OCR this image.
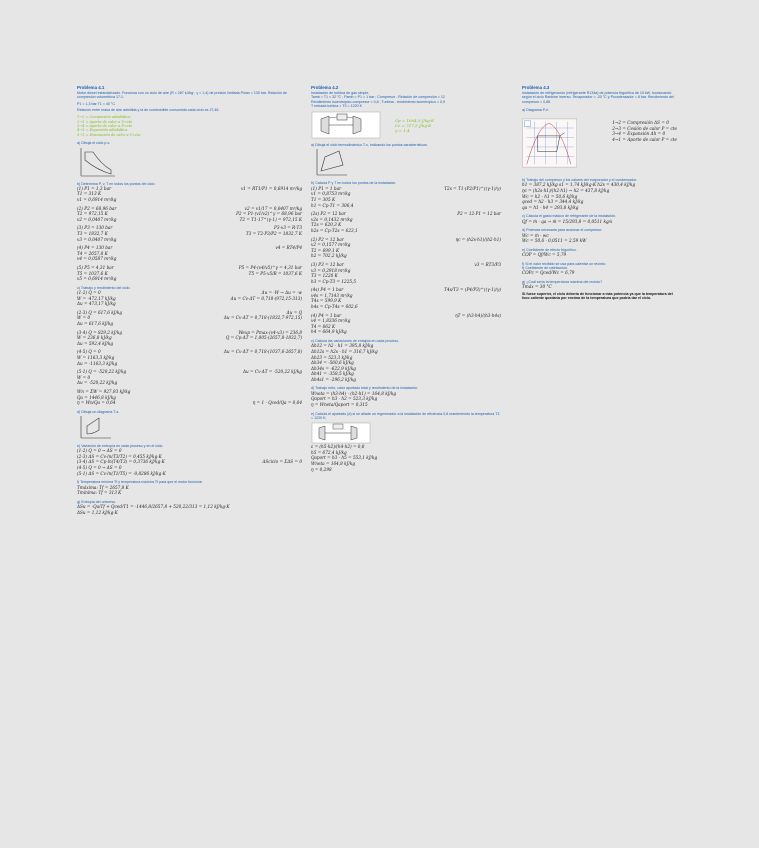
Problema 4.1
Motor diesel estandarizado. Funciona con un ciclo de aire (R = 287 kJ/kg·, γ = 1,4) de presión limitada Pmax = 130 bar. Relación de compresión volumétrica 17:1.
P1 = 1,3 bar T1 = 40 °C
Relación entre masa de aire admitida y la de combustible consumida cada ciclo es 27,45.
1→2 = Compresión adiabática
2→3 = Aporte de calor a V=cte
3→4 = Aporte de calor a P=cte
4→5 = Expansión adiabática
5→1 = Evacuación de calor a V=cte
a) Dibuja el ciclo p-v.
b) Determina P, v, T en todos los puntos del ciclo.
(1) P1 = 1,3 bar	v1 = RT1/P1 = 0,6914 m³/kg
T1 = 313 K
v1 = 0,6914 m³/kg
(2) P2 = 68,96 bar	v2 = v1/17 = 0,0407 m³/kg
T2 = 972,15 K	P2 = P1·(v1/v2)^γ = 68,96 bar
v2 = 0,0407 m³/kg	T2 = T1·17^(γ-1) = 972,15 K
(3) P3 = 130 bar	P3·v3 = R·T3
T3 = 1832,7 K	T3 = T2·P3/P2 = 1832,7 K
v3 = 0,0407 m³/kg
(4) P4 = 130 bar	v4 = RT4/P4
T4 = 2657,8 K
v4 = 0,0587 m³/kg
(5) P5 = 4,31 bar	P5 = P4·(v4/v5)^γ = 4,31 bar
T5 = 1037,6 K	T5 = P5·v5/R = 1037,6 K
v5 = 0,6914 m³/kg
c) Trabajo y rendimiento del ciclo.
(1-2) Q = 0	Δu = -W → Δu = -w
W = -472,17 kJ/kg	Δu = Cv·ΔT = 0,718·(972,15-313)
Δu = 473,17 kJ/kg
(2-3) Q = 617,6 kJ/kg	Δu = Q
W = 0	Δu = Cv·ΔT = 0,718·(1832,7-972,15)
Δu = 617,6 kJ/kg
(3-4) Q = 829,2 kJ/kg	Wexp = Pmax·(v4-v3) = 236,8
W = 236,8 kJ/kg	Q = Cp·ΔT = 1,005·(2657,8-1832,7)
Δu = 592,4 kJ/kg
(4-5) Q = 0	Δu = Cv·ΔT = 0,718·(1037,6-2657,8)
W = 1163,3 kJ/kg
Δu = -1163,3 kJ/kg
(5-1) Q = -520,22 kJ/kg	Δu = Cv·ΔT = -520,22 kJ/kg
W = 0
Δu = -520,22 kJ/kg
Wn = ΣW = 927,93 kJ/kg
Qa = 1446,8 kJ/kg
η = Wn/Qa = 0,64	η = 1 - Qced/Qa = 0,64
d) Dibuja un diagrama T-s.
e) Variación de entropía en cada proceso y en el ciclo.
(1-2) Q = 0 → ΔS = 0
(2-3) ΔS = Cv·ln(T3/T2) = 0,455 kJ/kg·K
(3-4) ΔS = Cp·ln(T4/T3) = 0,3736 kJ/kg·K	ΔSciclo = ΣΔS = 0
(4-5) Q = 0 → ΔS = 0
(5-1) ΔS = Cv·ln(T1/T5) = -0,8286 kJ/kg·K
f) Temperatura mínima Tf y temperatura máxima Tf para que el motor funcione.
Tmáxima: Tf = 2657,8 K
Tmínima: Tf = 313 K
g) Entropía del universo.
ΔSu = -Qa/Tf + Qced/T1 = -1446,8/2657,8 + 520,22/313 = 1,12 kJ/kg·K
ΔSu = 1,12 kJ/kg·K
Problema 4.2
Instalación de turbina de gas simple.
Tamb = T1 = 32 °C ; Pamb = P1 = 1 bar ; Compresor - Relación de compresión = 12
Rendimiento isoentrópico compresor = 0,8 ; Turbina - rendimiento isoentrópico = 0,9
T entrada turbina = T3 = 1220 K
Cp = 1004,5 J/kg·K
Cv = 717,5 J/kg·K
γ = 1,4
a) Dibuja el ciclo termodinámico T-s, indicando los puntos característicos.
b) Calcula P y T en todos los puntos de la instalación.
(1) P1 = 1 bar	T2s = T1·(P2/P1)^((γ-1)/γ)
v1 = 0,8753 m³/kg
T1 = 305 K
h1 = Cp·T1 = 306,4
(2s) P2 = 12 bar	P2 = 12·P1 = 12 bar
v2s = 0,1432 m³/kg
T2s = 620,3 K
h2s = Cp·T2s = 623,1
(2) P2 = 12 bar	ηc = (h2s-h1)/(h2-h1)
v2 = 0,1577 m³/kg
T2 = 699,1 K
h2 = 702,2 kJ/kg
(3) P3 = 12 bar	v3 = RT3/P3
v3 = 0,2918 m³/kg
T3 = 1220 K
h3 = Cp·T3 = 1225,5
(4s) P4 = 1 bar	T4s/T3 = (P4/P3)^((γ-1)/γ)
v4s = 1,7143 m³/kg
T4s = 599,9 K
h4s = Cp·T4s = 602,6
(4) P4 = 1 bar	ηT = (h3-h4)/(h3-h4s)
v4 = 1,8336 m³/kg
T4 = 662 K
h4 = 664,9 kJ/kg
c) Calcula las variaciones de entalpía en cada proceso.
Δh12 = h2 - h1 = 395,8 kJ/kg
Δh12s = h2s - h1 = 316,7 kJ/kg
Δh23 = 523,3 kJ/kg
Δh34 = -560,6 kJ/kg
Δh34s = -622,9 kJ/kg
Δh41 = -358,5 kJ/kg
Δh4s1 = -296,2 kJ/kg
d) Trabajo neto, calor aportado total y rendimiento de la instalación.
Wneta = (h3-h4) - (h2-h1) = 164,8 kJ/kg
Qaport = h3 - h2 = 523,3 kJ/kg
η = Wneta/Qaport = 0,315
e) Calcula el apartado (d) si se añade un regenerador a la instalación de eficiencia 0,8 manteniendo la temperatura T3 = 1220 K.
ε = (h5-h2)/(h4-h2) = 0,8
h5 = 672,4 kJ/kg
Qaport = h3 - h5 = 553,1 kJ/kg
Wneta = 164,8 kJ/kg
η = 0,298
Problema 4.3
Instalación de refrigeración (refrigerante R134a) de potencia frigorífica de 15 kW, funcionando según el ciclo Rankine inverso. Tevaporador = -20 °C y Pcondensador = 8 bar. Rendimiento del compresor = 0,85.
a) Diagrama P-h
1→2 = Compresión ΔS = 0
2→3 = Cesión de calor P = cte
3→4 = Expansión Δh = 0
4→1 = Aporte de calor P = cte
b) Trabajo del compresor y los calores del evaporador y el condensador.
h1 = 387,2 kJ/kg s1 = 1,74 kJ/kg·K h2s = 430,4 kJ/kg
ηc = (h2s-h1)/(h2-h1) → h2 = 437,8 kJ/kg
Wc = h2 - h1 = 50,6 kJ/kg
qced = h2 - h3 = 344,4 kJ/kg
qa = h1 - h4 = 293,8 kJ/kg
c) Calcula el gasto másico de refrigerante de la instalación.
Qf = ṁ · qa → ṁ = 15/293,8 = 0,0511 kg/s
d) Potencia necesaria para accionar el compresor.
Wc = ṁ · wc
Wc = 50,6 · 0,0511 = 2,59 kW
e) Coeficiente de efecto frigorífico.
COP = Qf/Wc = 5,79
f) Si el valor recibido se usa para calentar un recinto:
f) Coeficiente de calefacción.
COPc = Qced/Wc = 6,79
g) ¿Cuál sería la temperatura máxima del recinto?
Tmáx = 30 °C
Si fuese superior, el ciclo debería de funcionar a más potencia ya que la temperatura del foco caliente quedaría por encima de la temperatura que podría dar el ciclo.
